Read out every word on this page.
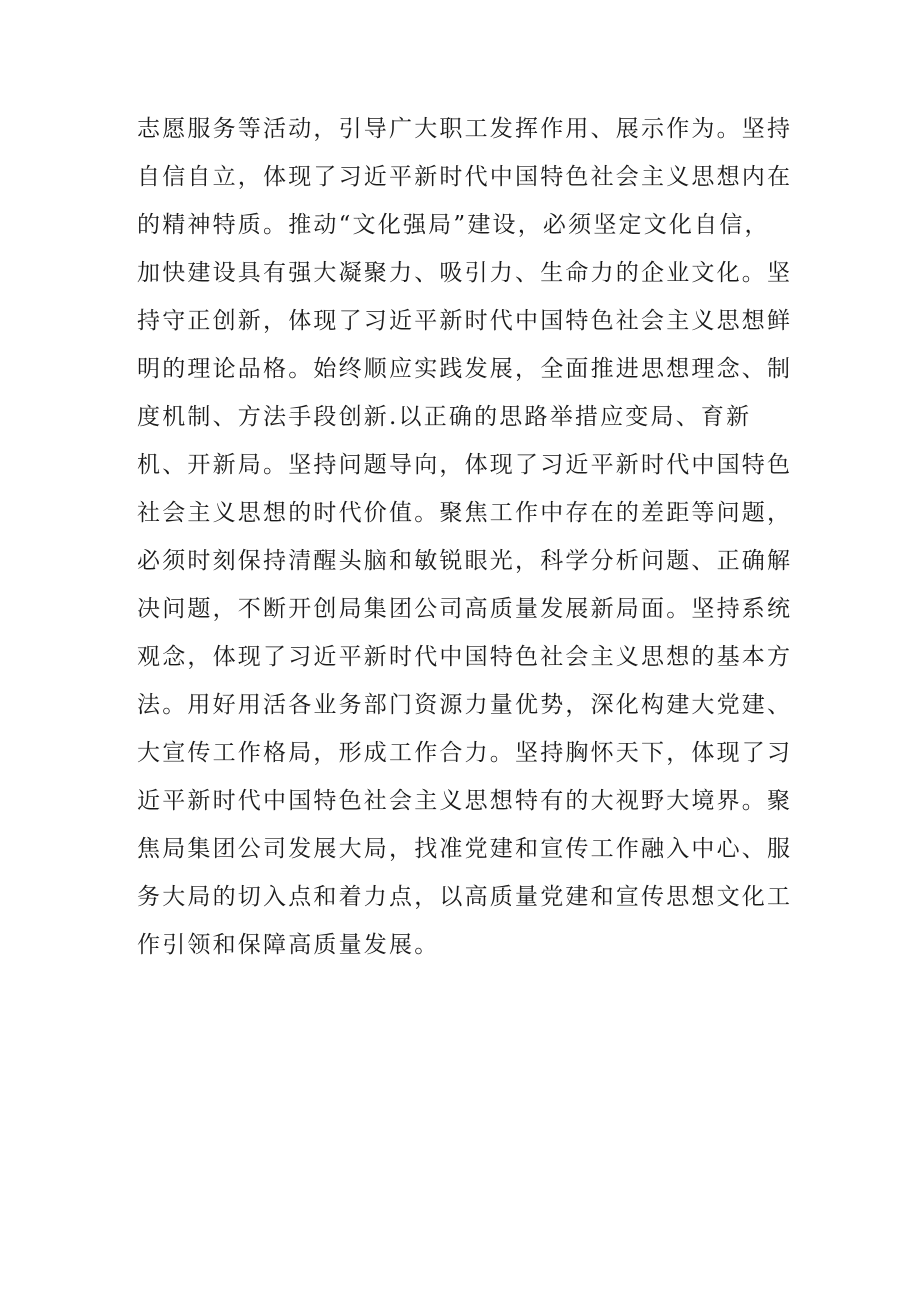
志愿服务等活动，引导广大职工发挥作用、展示作为。坚持
自信自立，体现了习近平新时代中国特色社会主义思想内在
的精神特质。推动“文化强局”建设，必须坚定文化自信，
加快建设具有强大凝聚力、吸引力、生命力的企业文化。坚
持守正创新，体现了习近平新时代中国特色社会主义思想鲜
明的理论品格。始终顺应实践发展，全面推进思想理念、制
度机制、方法手段创新.以正确的思路举措应变局、育新
机、开新局。坚持问题导向，体现了习近平新时代中国特色
社会主义思想的时代价值。聚焦工作中存在的差距等问题，
必须时刻保持清醒头脑和敏锐眼光，科学分析问题、正确解
决问题，不断开创局集团公司高质量发展新局面。坚持系统
观念，体现了习近平新时代中国特色社会主义思想的基本方
法。用好用活各业务部门资源力量优势，深化构建大党建、
大宣传工作格局，形成工作合力。坚持胸怀天下，体现了习
近平新时代中国特色社会主义思想特有的大视野大境界。聚
焦局集团公司发展大局，找准党建和宣传工作融入中心、服
务大局的切入点和着力点，以高质量党建和宣传思想文化工
作引领和保障高质量发展。
